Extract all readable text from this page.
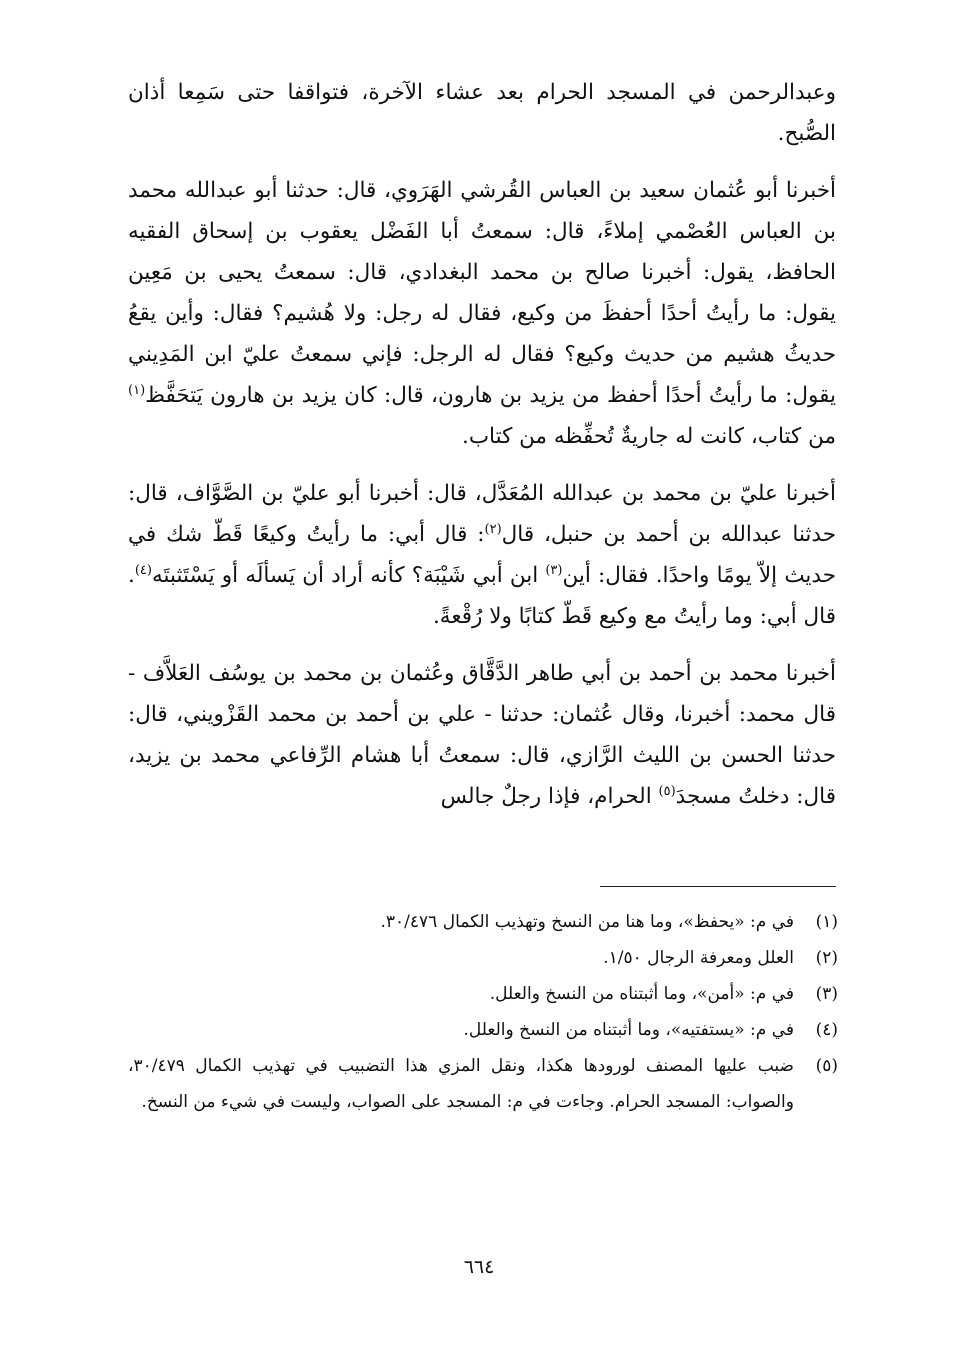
وعبدالرحمن في المسجد الحرام بعد عشاء الآخرة، فتواقفا حتى سَمِعا أذان الصُّبح.

أخبرنا أبو عُثمان سعيد بن العباس القُرشي الهَرَوي، قال: حدثنا أبو عبدالله محمد بن العباس العُصْمي إملاءً، قال: سمعتُ أبا الفَضْل يعقوب بن إسحاق الفقيه الحافظ، يقول: أخبرنا صالح بن محمد البغدادي، قال: سمعتُ يحيى بن مَعِين يقول: ما رأيتُ أحدًا أحفظَ من وكيع، فقال له رجل: ولا هُشيم؟ فقال: وأين يقعُ حديثُ هشيم من حديث وكيع؟ فقال له الرجل: فإني سمعتُ عليّ ابن المَدِيني يقول: ما رأيتُ أحدًا أحفظ من يزيد بن هارون، قال: كان يزيد بن هارون يَتحَفَّظ$^{(١)}$ من كتاب، كانت له جاريةٌ تُحفِّظه من كتاب.

أخبرنا عليّ بن محمد بن عبدالله المُعَدَّل، قال: أخبرنا أبو عليّ بن الصَّوَّاف، قال: حدثنا عبدالله بن أحمد بن حنبل، قال$^{(٢)}$: قال أبي: ما رأيتُ وكيعًا قَطّ شك في حديث إلاّ يومًا واحدًا. فقال: أين$^{(٣)}$ ابن أبي شَيْبَة؟ كأنه أراد أن يَسألَه أو يَسْتَثبتَه$^{(٤)}$. قال أبي: وما رأيتُ مع وكيع قَطّ كتابًا ولا رُقْعةً.

أخبرنا محمد بن أحمد بن أبي طاهر الدَّقَّاق وعُثمان بن محمد بن يوسُف العَلاَّف - قال محمد: أخبرنا، وقال عُثمان: حدثنا - علي بن أحمد بن محمد القَزْويني، قال: حدثنا الحسن بن الليث الرَّازي، قال: سمعتُ أبا هشام الرِّفاعي محمد بن يزيد، قال: دخلتُ مسجدَ$^{(٥)}$ الحرام، فإذا رجلٌ جالس

(١)
في م: «يحفظ»، وما هنا من النسخ وتهذيب الكمال ٣٠/٤٧٦.
(٢)
العلل ومعرفة الرجال ١/٥٠.
(٣)
في م: «أمن»، وما أثبتناه من النسخ والعلل.
(٤)
في م: «يستفتيه»، وما أثبتناه من النسخ والعلل.
(٥)
ضبب عليها المصنف لورودها هكذا، ونقل المزي هذا التضبيب في تهذيب الكمال ٣٠/٤٧٩، والصواب: المسجد الحرام. وجاءت في م: المسجد على الصواب، وليست في شيء من النسخ.
٦٦٤
